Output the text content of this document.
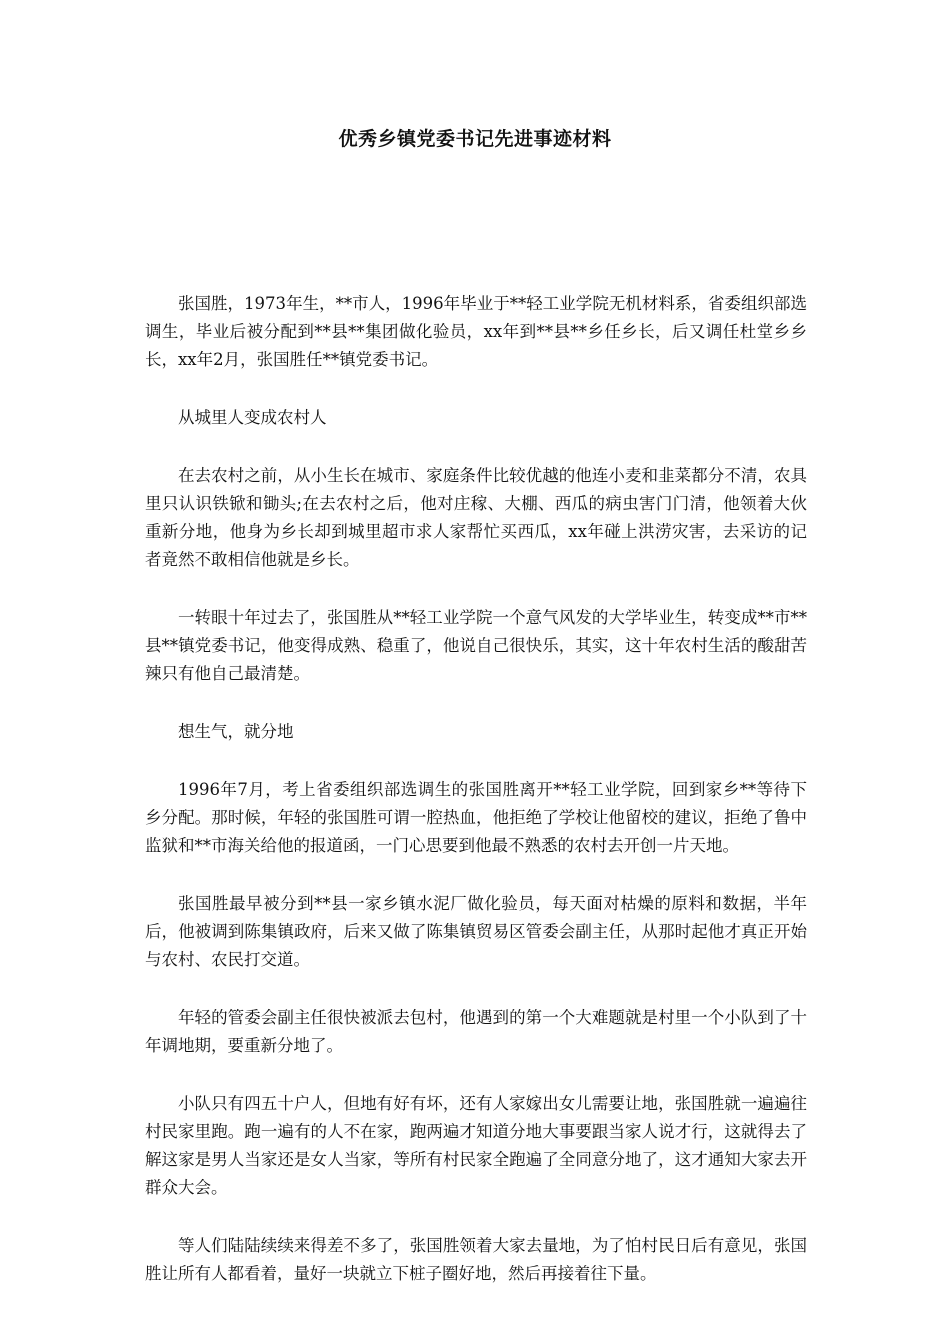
优秀乡镇党委书记先进事迹材料

张国胜，1973年生，**市人，1996年毕业于**轻工业学院无机材料系，省委组织部选调生，毕业后被分配到**县**集团做化验员，xx年到**县**乡任乡长，后又调任杜堂乡乡长，xx年2月，张国胜任**镇党委书记。

从城里人变成农村人

在去农村之前，从小生长在城市、家庭条件比较优越的他连小麦和韭菜都分不清，农具里只认识铁锨和锄头;在去农村之后，他对庄稼、大棚、西瓜的病虫害门门清，他领着大伙重新分地，他身为乡长却到城里超市求人家帮忙买西瓜，xx年碰上洪涝灾害，去采访的记者竟然不敢相信他就是乡长。

一转眼十年过去了，张国胜从**轻工业学院一个意气风发的大学毕业生，转变成**市**县**镇党委书记，他变得成熟、稳重了，他说自己很快乐，其实，这十年农村生活的酸甜苦辣只有他自己最清楚。

想生气，就分地

1996年7月，考上省委组织部选调生的张国胜离开**轻工业学院，回到家乡**等待下乡分配。那时候，年轻的张国胜可谓一腔热血，他拒绝了学校让他留校的建议，拒绝了鲁中监狱和**市海关给他的报道函，一门心思要到他最不熟悉的农村去开创一片天地。

张国胜最早被分到**县一家乡镇水泥厂做化验员，每天面对枯燥的原料和数据，半年后，他被调到陈集镇政府，后来又做了陈集镇贸易区管委会副主任，从那时起他才真正开始与农村、农民打交道。

年轻的管委会副主任很快被派去包村，他遇到的第一个大难题就是村里一个小队到了十年调地期，要重新分地了。

小队只有四五十户人，但地有好有坏，还有人家嫁出女儿需要让地，张国胜就一遍遍往村民家里跑。跑一遍有的人不在家，跑两遍才知道分地大事要跟当家人说才行，这就得去了解这家是男人当家还是女人当家，等所有村民家全跑遍了全同意分地了，这才通知大家去开群众大会。

等人们陆陆续续来得差不多了，张国胜领着大家去量地，为了怕村民日后有意见，张国胜让所有人都看着，量好一块就立下桩子圈好地，然后再接着往下量。
